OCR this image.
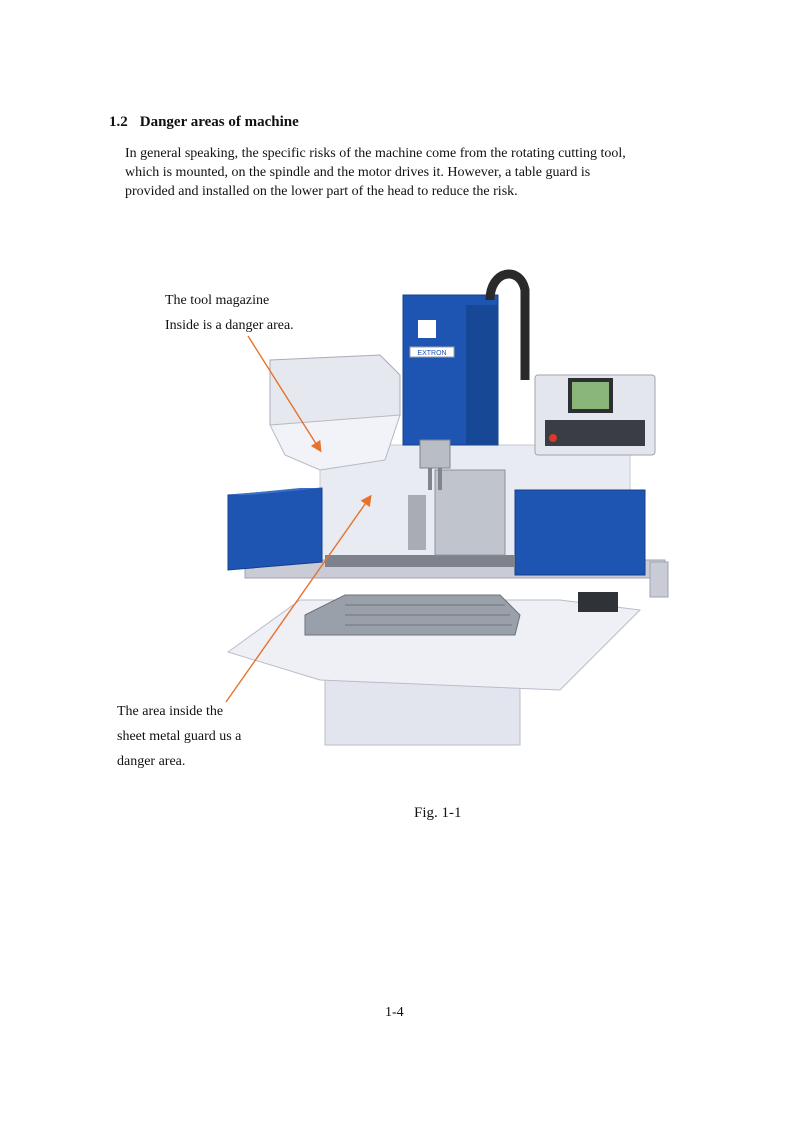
1.2 Danger areas of machine

In general speaking, the specific risks of the machine come from the rotating cutting tool,
which is mounted, on the spindle and the motor drives it. However, a table guard is
provided and installed on the lower part of the head to reduce the risk.

EXTRON
The tool magazine
Inside is a danger area.
The area inside the
sheet metal guard us a
danger area.
Fig. 1-1
1-4
